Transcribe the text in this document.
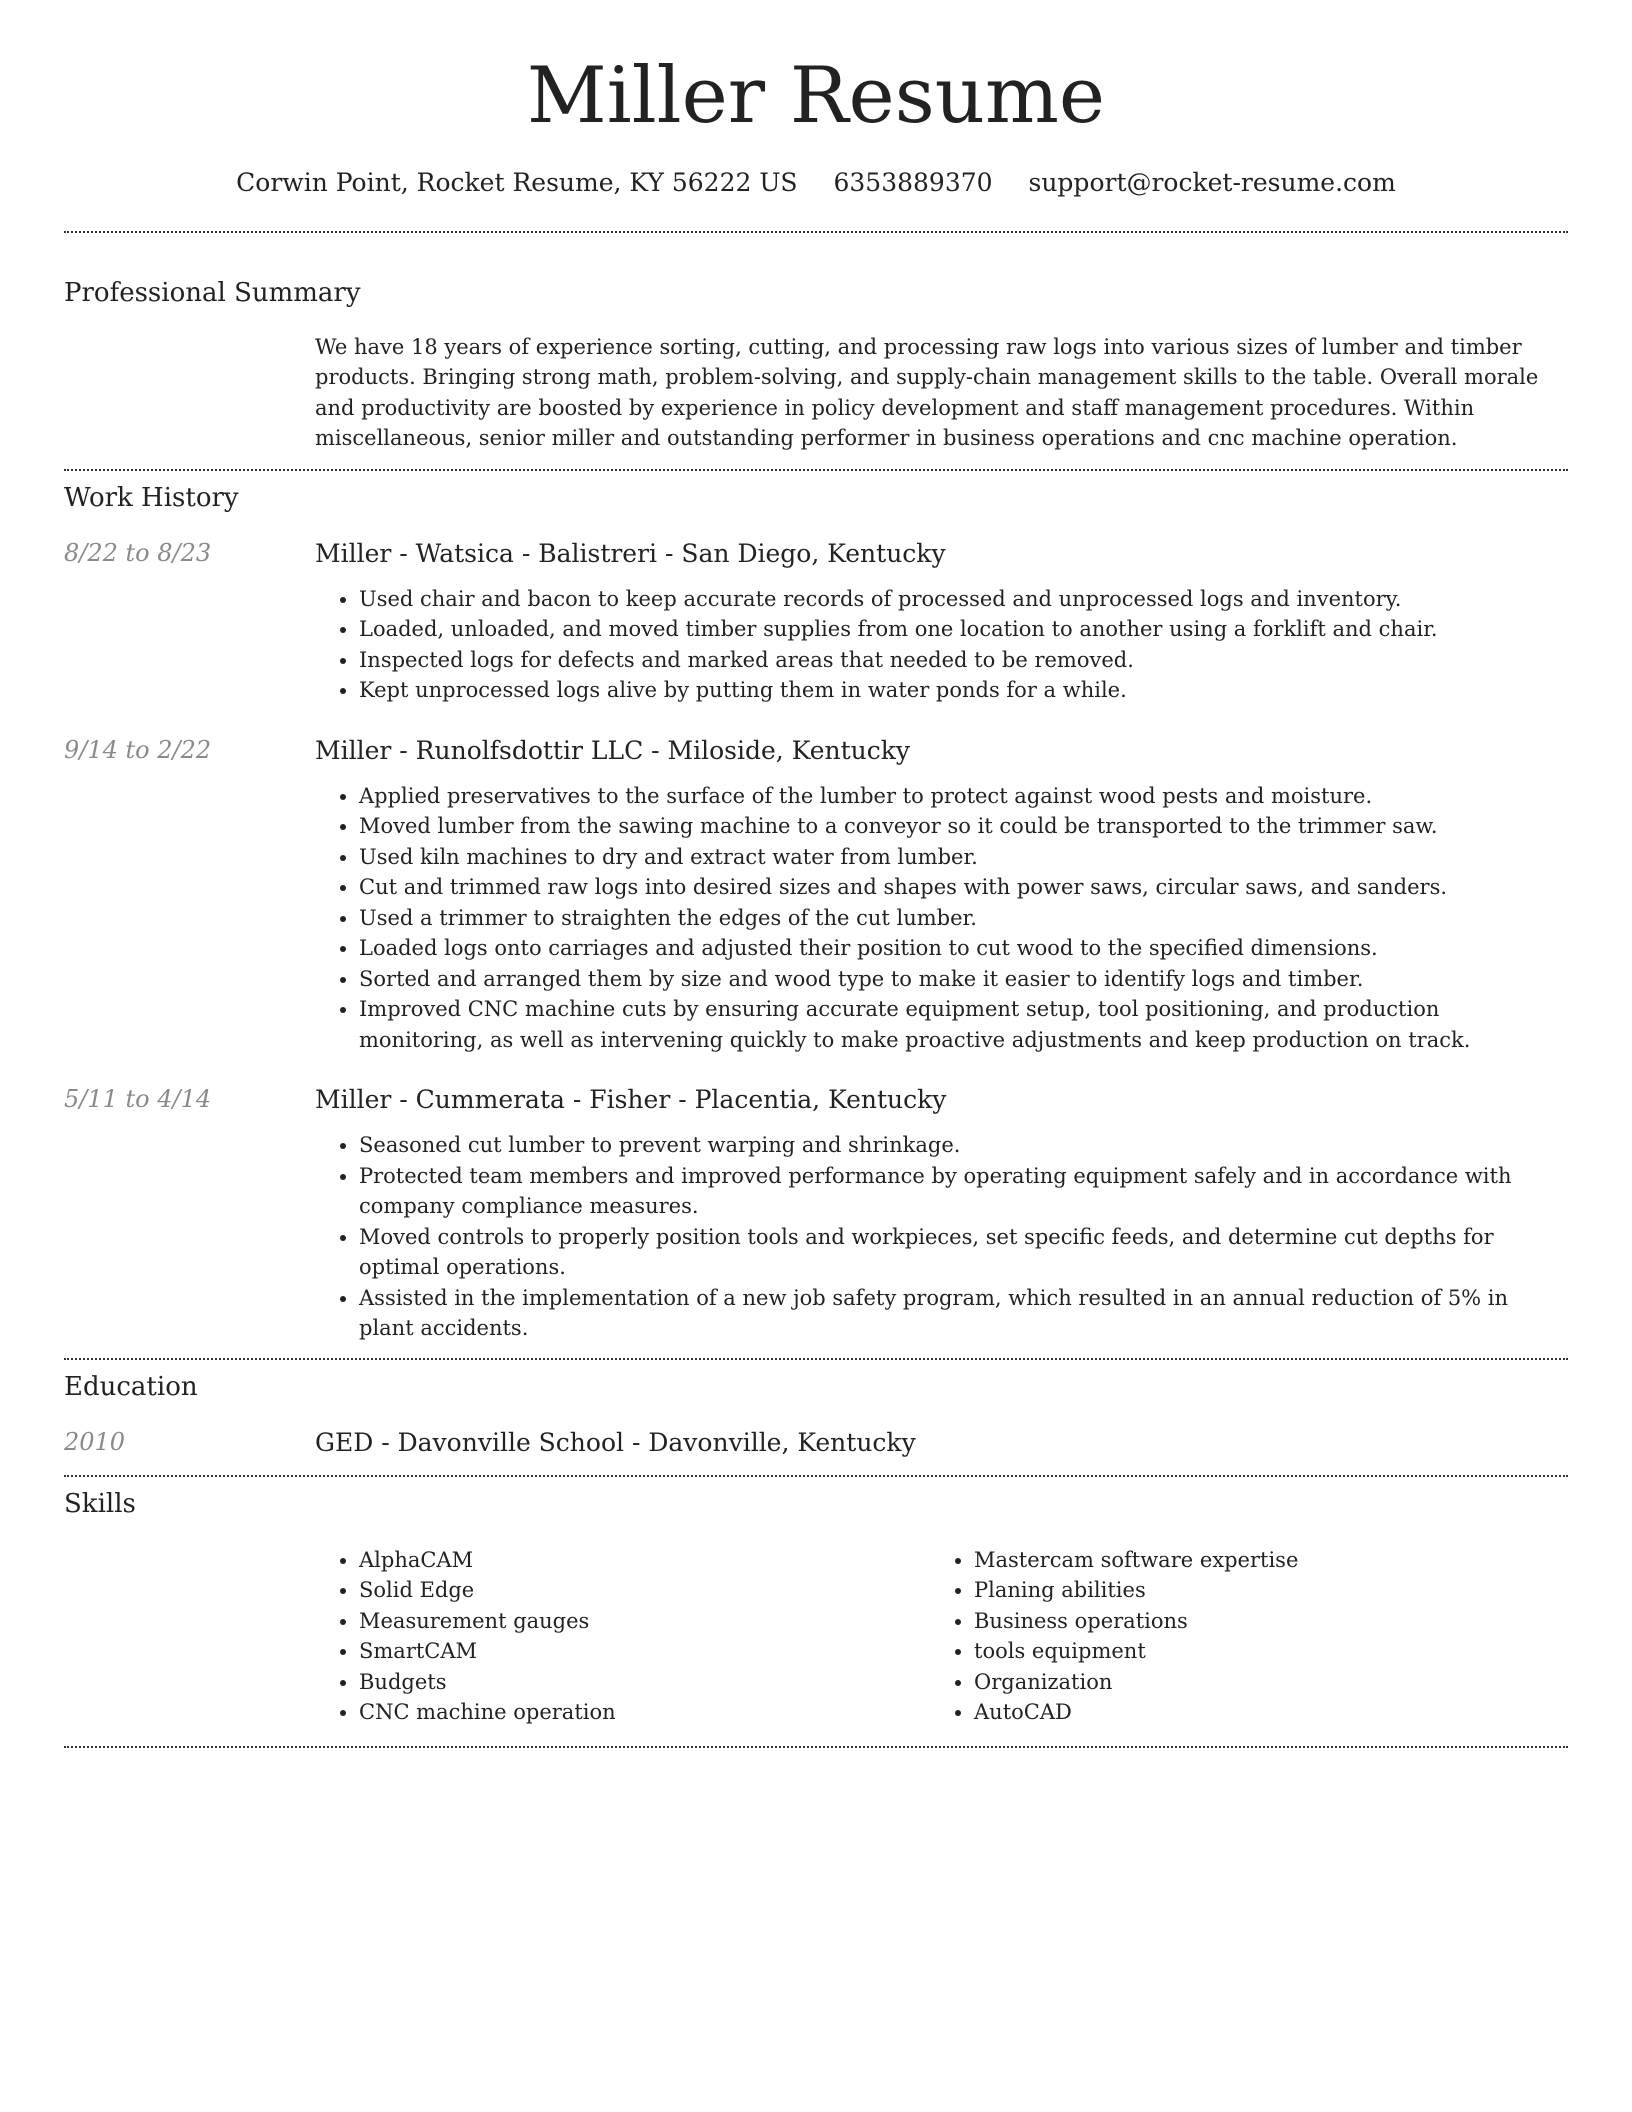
Miller Resume
Corwin Point, Rocket Resume, KY 56222 US 6353889370 support@rocket-resume.com
Professional Summary

We have 18 years of experience sorting, cutting, and processing raw logs into various sizes of lumber and timber products. Bringing strong math, problem-solving, and supply-chain management skills to the table. Overall morale and productivity are boosted by experience in policy development and staff management procedures. Within miscellaneous, senior miller and outstanding performer in business operations and cnc machine operation.

Work History
8/22 to 8/23	Miller - Watsica - Balistreri - San Diego, Kentucky
• Used chair and bacon to keep accurate records of processed and unprocessed logs and inventory.
• Loaded, unloaded, and moved timber supplies from one location to another using a forklift and chair.
• Inspected logs for defects and marked areas that needed to be removed.
• Kept unprocessed logs alive by putting them in water ponds for a while.
9/14 to 2/22	Miller - Runolfsdottir LLC - Miloside, Kentucky
• Applied preservatives to the surface of the lumber to protect against wood pests and moisture.
• Moved lumber from the sawing machine to a conveyor so it could be transported to the trimmer saw.
• Used kiln machines to dry and extract water from lumber.
• Cut and trimmed raw logs into desired sizes and shapes with power saws, circular saws, and sanders.
• Used a trimmer to straighten the edges of the cut lumber.
• Loaded logs onto carriages and adjusted their position to cut wood to the specified dimensions.
• Sorted and arranged them by size and wood type to make it easier to identify logs and timber.
• Improved CNC machine cuts by ensuring accurate equipment setup, tool positioning, and production monitoring, as well as intervening quickly to make proactive adjustments and keep production on track.
5/11 to 4/14	Miller - Cummerata - Fisher - Placentia, Kentucky
• Seasoned cut lumber to prevent warping and shrinkage.
• Protected team members and improved performance by operating equipment safely and in accordance with company compliance measures.
• Moved controls to properly position tools and workpieces, set specific feeds, and determine cut depths for optimal operations.
• Assisted in the implementation of a new job safety program, which resulted in an annual reduction of 5% in plant accidents.
Education
2010	GED - Davonville School - Davonville, Kentucky
Skills
• AlphaCAM
• Solid Edge
• Measurement gauges
• SmartCAM
• Budgets
• CNC machine operation
• Mastercam software expertise
• Planing abilities
• Business operations
• tools equipment
• Organization
• AutoCAD
